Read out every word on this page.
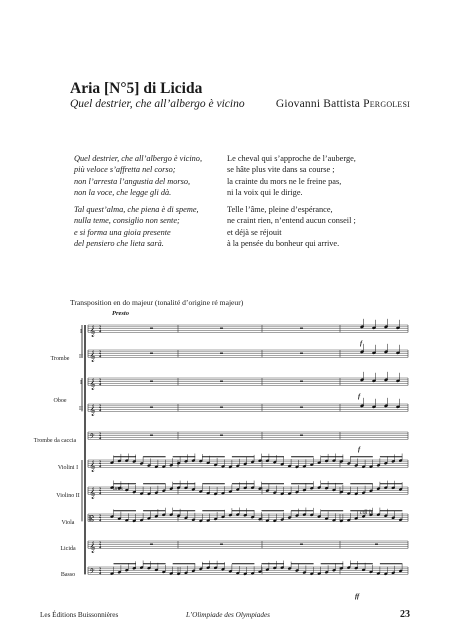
Aria [N°5] di Licida
Quel destrier, che all’albergo è vicino	Giovanni Battista Pergolesi
Quel destrier, che all’albergo è vicino,
più veloce s’affretta nel corso;
non l’arresta l’angustia del morso,
non la voce, che legge gli dà.
Tal quest’alma, che piena è di speme,
nulla teme, consiglio non sente;
e si forma una gioia presente
del pensiero che lieta sarà.
Le cheval qui s’approche de l’auberge,
se hâte plus vite dans sa course ;
la crainte du mors ne le freine pas,
ni la voix qui le dirige.
Telle l’âme, pleine d’espérance,
ne craint rien, n’entend aucun conseil ;
et déjà se réjouit
à la pensée du bonheur qui arrive.
Transposition en do majeur (tonalité d’origine ré majeur)
𝄞 2
4
𝄞 2
4
𝄞 2
4
𝄞 2
4
𝄢 2
4
𝄞 2
4
𝄞 2
4
𝄡 2
4
𝄞 2
4
𝄢 2
4
Presto
Trombe
I
II
Oboe
I
II
Trombe da caccia
Violini I
Violino II
Viola
Licida
Basso
f
f
f
ff
unis
col b
Les Éditions Buissonnières	L’Olimpiade des Olympiades	23
